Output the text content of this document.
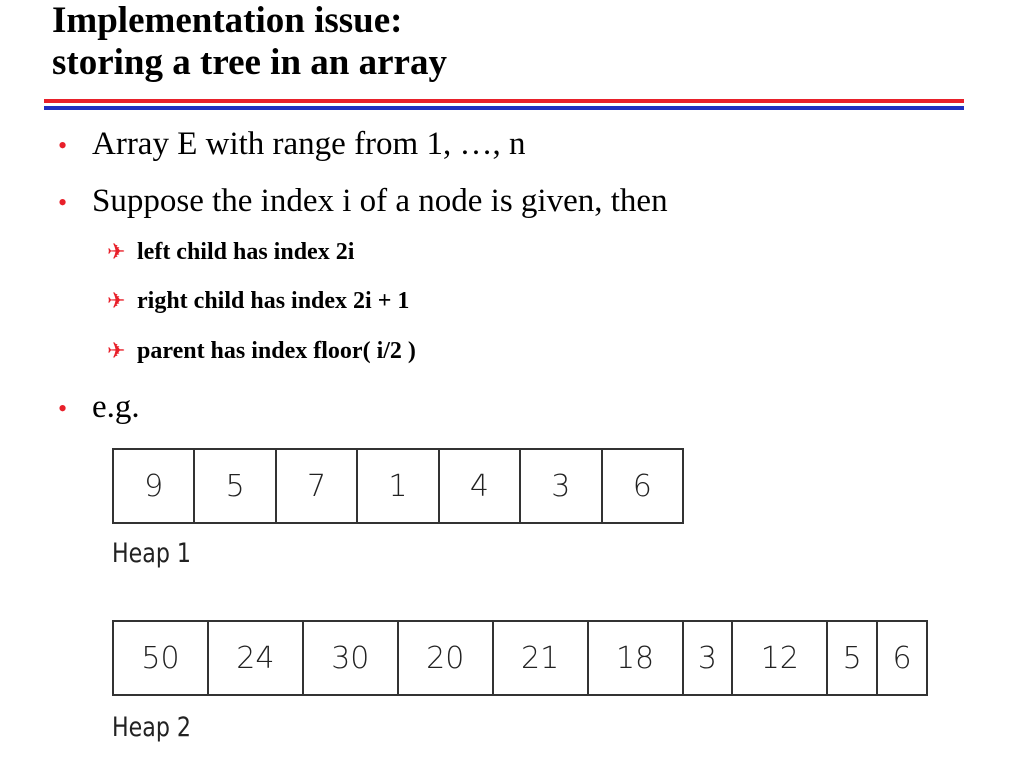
Implementation issue:
storing a tree in an array
• Array E with range from 1, …, n
• Suppose the index i of a node is given, then
✈ left child has index 2i
✈ right child has index 2i + 1
✈ parent has index floor( i/2 )
• e.g.
9	5	7	1	4	3	6
Heap 1
50	24	30	20	21	18	3	12	5	6
Heap 2
